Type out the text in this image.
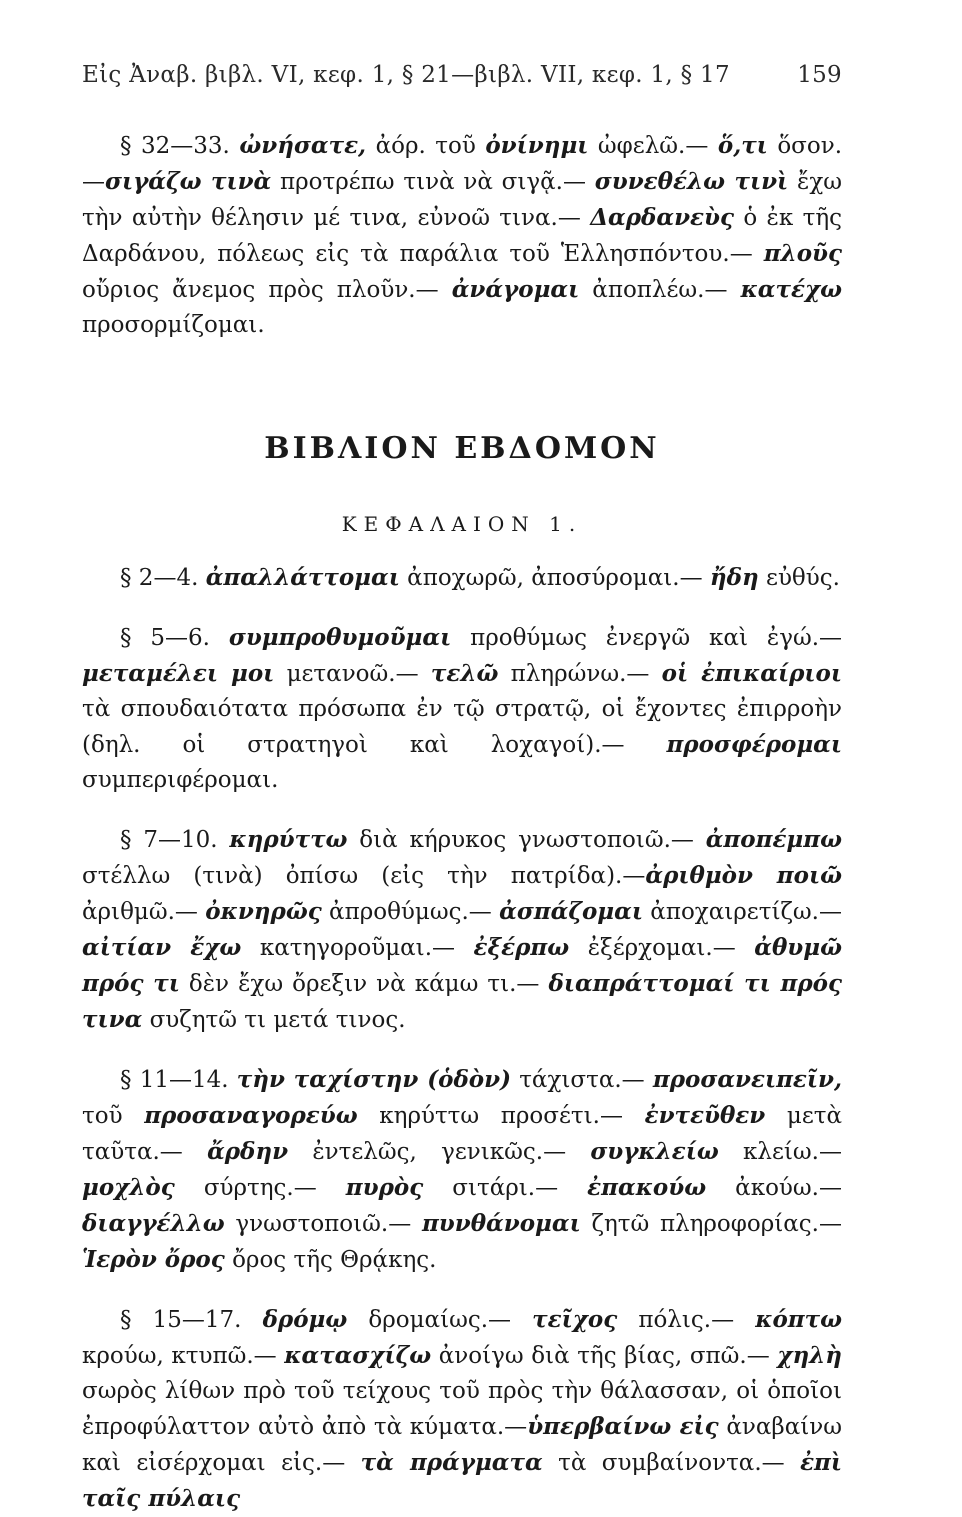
Εἰς Ἀναβ. βιβλ. VI, κεφ. 1, § 21—βιβλ. VII, κεφ. 1, § 17	159

§ 32—33. ὠνήσατε, ἀόρ. τοῦ ὀνίνημι ὠφελῶ.— ὅ,τι ὅσον. —σιγάζω τινὰ προτρέπω τινὰ νὰ σιγᾷ.— συνεθέλω τινὶ ἔχω τὴν αὐτὴν θέλησιν μέ τινα, εὐνοῶ τινα.— Δαρδανεὺς ὁ ἐκ τῆς Δαρδάνου, πόλεως εἰς τὰ παράλια τοῦ Ἑλλησπόντου.— πλοῦς οὔριος ἄνεμος πρὸς πλοῦν.— ἀνάγομαι ἀποπλέω.— κατέχω προσορμίζομαι.

ΒΙΒΛΙΟΝ ΕΒΔΟΜΟΝ
ΚΕΦΑΛΑΙΟΝ 1.

§ 2—4. ἀπαλλάττομαι ἀποχωρῶ, ἀποσύρομαι.— ἤδη εὐθύς.

§ 5—6. συμπροθυμοῦμαι προθύμως ἐνεργῶ καὶ ἐγώ.— μεταμέλει μοι μετανοῶ.— τελῶ πληρώνω.— οἱ ἐπικαίριοι τὰ σπουδαιότατα πρόσωπα ἐν τῷ στρατῷ, οἱ ἔχοντες ἐπιρροὴν (δηλ. οἱ στρατηγοὶ καὶ λοχαγοί).— προσφέρομαι συμπεριφέρομαι.

§ 7—10. κηρύττω διὰ κήρυκος γνωστοποιῶ.— ἀποπέμπω στέλλω (τινὰ) ὀπίσω (εἰς τὴν πατρίδα).—ἀριθμὸν ποιῶ ἀριθμῶ.— ὀκνηρῶς ἀπροθύμως.— ἀσπάζομαι ἀποχαιρετίζω.— αἰτίαν ἔχω κατηγοροῦμαι.— ἐξέρπω ἐξέρχομαι.— ἀθυμῶ πρός τι δὲν ἔχω ὄρεξιν νὰ κάμω τι.— διαπράττομαί τι πρός τινα συζητῶ τι μετά τινος.

§ 11—14. τὴν ταχίστην (ὁδὸν) τάχιστα.— προσανειπεῖν, τοῦ προσαναγορεύω κηρύττω προσέτι.— ἐντεῦθεν μετὰ ταῦτα.— ἄρδην ἐντελῶς, γενικῶς.— συγκλείω κλείω.— μοχλὸς σύρτης.— πυρὸς σιτάρι.— ἐπακούω ἀκούω.— διαγγέλλω γνωστοποιῶ.— πυνθάνομαι ζητῶ πληροφορίας.— Ἱερὸν ὄρος ὄρος τῆς Θρᾴκης.

§ 15—17. δρόμῳ δρομαίως.— τεῖχος πόλις.— κόπτω κρούω, κτυπῶ.— κατασχίζω ἀνοίγω διὰ τῆς βίας, σπῶ.— χηλὴ σωρὸς λίθων πρὸ τοῦ τείχους τοῦ πρὸς τὴν θάλασσαν, οἱ ὁποῖοι ἐπροφύλαττον αὐτὸ ἀπὸ τὰ κύματα.—ὑπερβαίνω εἰς ἀναβαίνω καὶ εἰσέρχομαι εἰς.— τὰ πράγματα τὰ συμβαίνοντα.— ἐπὶ ταῖς πύλαις
